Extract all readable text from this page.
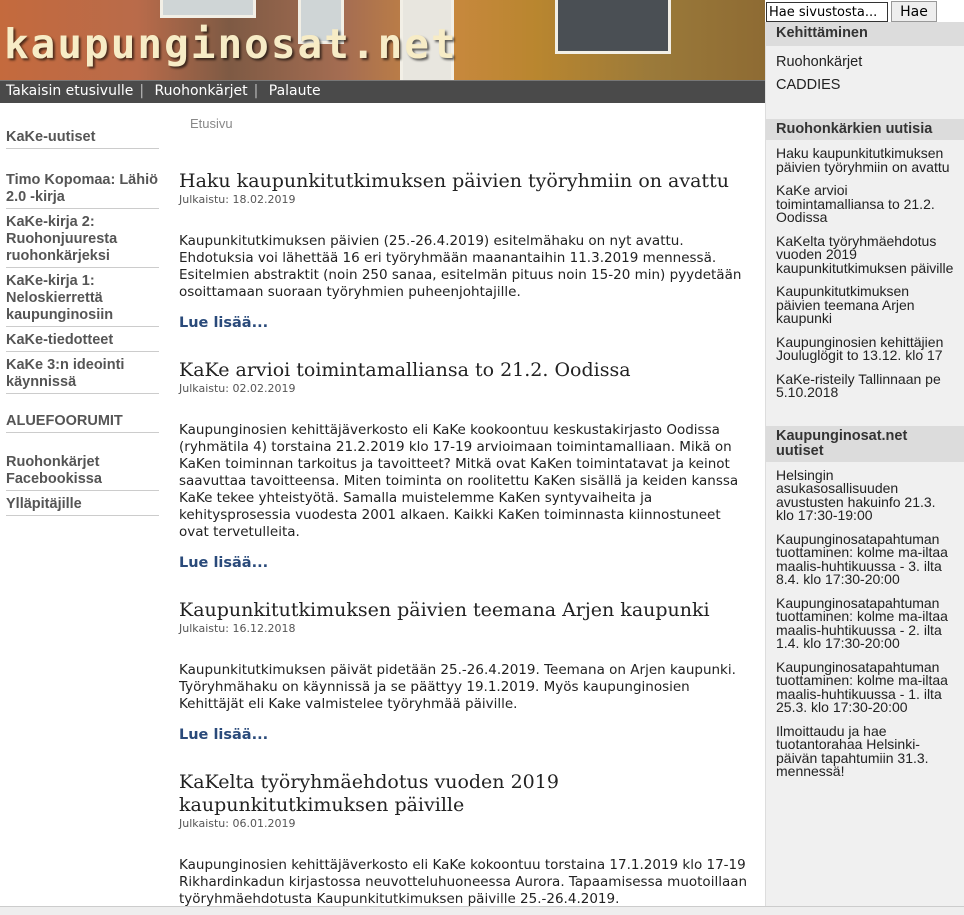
kaupunginosat.net
Takaisin etusivulle | Ruohonkärjet | Palaute
Hae sivustosta...
Hae
KaKe-uutiset
Timo Kopomaa: Lähiö 2.0 -kirja
KaKe-kirja 2: Ruohonjuuresta ruohonkärjeksi
KaKe-kirja 1: Neloskierrettä kaupunginosiin
KaKe-tiedotteet
KaKe 3:n ideointi käynnissä
ALUEFOORUMIT
Ruohonkärjet Facebookissa
Ylläpitäjille
Etusivu
Haku kaupunkitutkimuksen päivien työryhmiin on avattu
Julkaistu: 18.02.2019
Kaupunkitutkimuksen päivien (25.-26.4.2019) esitelmähaku on nyt avattu. Ehdotuksia voi lähettää 16 eri työryhmään maanantaihin 11.3.2019 mennessä. Esitelmien abstraktit (noin 250 sanaa, esitelmän pituus noin 15-20 min) pyydetään osoittamaan suoraan työryhmien puheenjohtajille.
Lue lisää...
KaKe arvioi toimintamalliansa to 21.2. Oodissa
Julkaistu: 02.02.2019
Kaupunginosien kehittäjäverkosto eli KaKe kookoontuu keskustakirjasto Oodissa (ryhmätila 4) torstaina 21.2.2019 klo 17-19 arvioimaan toimintamalliaan. Mikä on KaKen toiminnan tarkoitus ja tavoitteet? Mitkä ovat KaKen toimintatavat ja keinot saavuttaa tavoitteensa. Miten toiminta on roolitettu KaKen sisällä ja keiden kanssa KaKe tekee yhteistyötä. Samalla muistelemme KaKen syntyvaiheita ja kehitysprosessia vuodesta 2001 alkaen. Kaikki KaKen toiminnasta kiinnostuneet ovat tervetulleita.
Lue lisää...
Kaupunkitutkimuksen päivien teemana Arjen kaupunki
Julkaistu: 16.12.2018
Kaupunkitutkimuksen päivät pidetään 25.-26.4.2019. Teemana on Arjen kaupunki. Työryhmähaku on käynnissä ja se päättyy 19.1.2019. Myös kaupunginosien Kehittäjät eli Kake valmistelee työryhmää päiville.
Lue lisää...
KaKelta työryhmäehdotus vuoden 2019 kaupunkitutkimuksen päiville
Julkaistu: 06.01.2019
Kaupunginosien kehittäjäverkosto eli KaKe kokoontuu torstaina 17.1.2019 klo 17-19 Rikhardinkadun kirjastossa neuvotteluhuoneessa Aurora. Tapaamisessa muotoillaan työryhmäehdotusta Kaupunkitutkimuksen päiville 25.-26.4.2019.
Kehittäminen
Ruohonkärjet
CADDIES
Ruohonkärkien uutisia
Haku kaupunkitutkimuksen päivien työryhmiin on avattu
KaKe arvioi toimintamalliansa to 21.2. Oodissa
KaKelta työryhmäehdotus vuoden 2019 kaupunkitutkimuksen päiville
Kaupunkitutkimuksen päivien teemana Arjen kaupunki
Kaupunginosien kehittäjien Jouluglögit to 13.12. klo 17
KaKe-risteily Tallinnaan pe 5.10.2018
Kaupunginosat.net uutiset
Helsingin asukasosallisuuden avustusten hakuinfo 21.3. klo 17:30-19:00
Kaupunginosatapahtuman tuottaminen: kolme ma-iltaa maalis-huhtikuussa - 3. ilta 8.4. klo 17:30-20:00
Kaupunginosatapahtuman tuottaminen: kolme ma-iltaa maalis-huhtikuussa - 2. ilta 1.4. klo 17:30-20:00
Kaupunginosatapahtuman tuottaminen: kolme ma-iltaa maalis-huhtikuussa - 1. ilta 25.3. klo 17:30-20:00
Ilmoittaudu ja hae tuotantorahaa Helsinki-päivän tapahtumiin 31.3. mennessä!
